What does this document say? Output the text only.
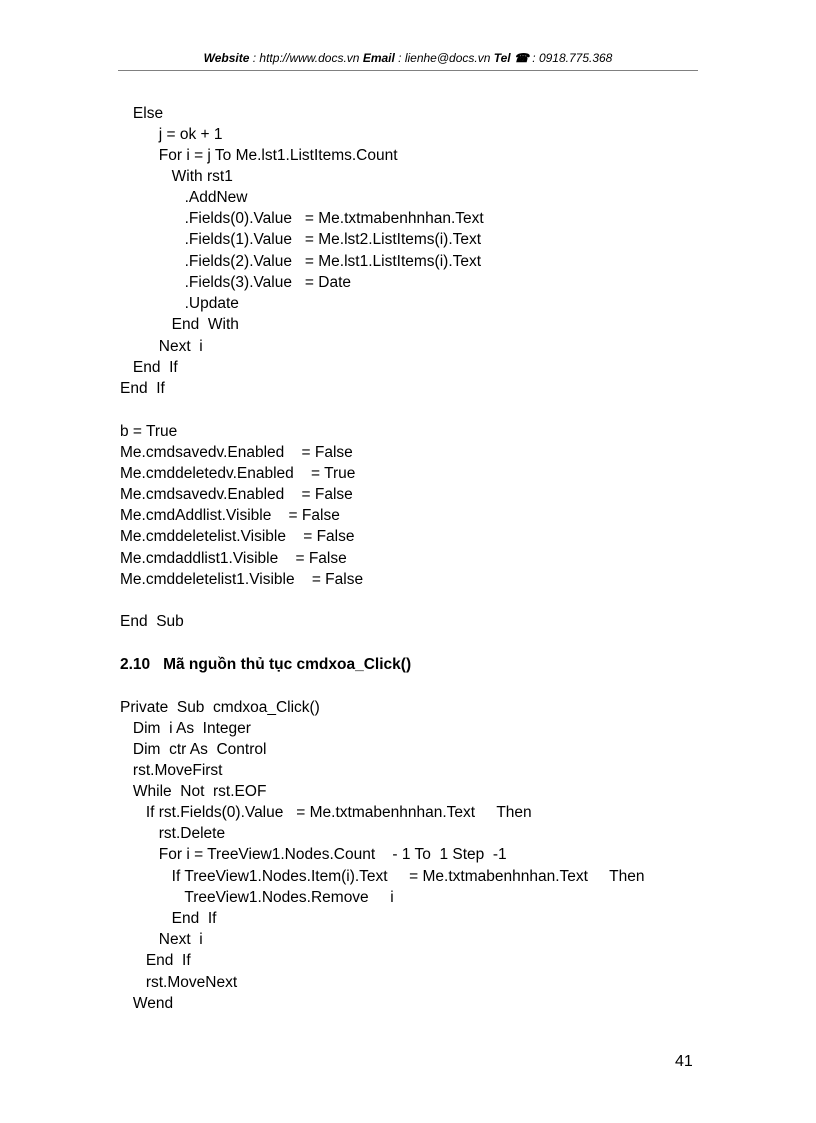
Website : http://www.docs.vn Email : lienhe@docs.vn Tel ☎ : 0918.775.368
Else
j = ok + 1
For i = j To Me.lst1.ListItems.Count
With rst1
.AddNew
.Fields(0).Value   = Me.txtmabenhnhan.Text
.Fields(1).Value   = Me.lst2.ListItems(i).Text
.Fields(2).Value   = Me.lst1.ListItems(i).Text
.Fields(3).Value   = Date
.Update
End  With
Next  i
End  If
End  If
b = True
Me.cmdsavedv.Enabled    = False
Me.cmddeletedv.Enabled    = True
Me.cmdsavedv.Enabled    = False
Me.cmdAddlist.Visible    = False
Me.cmddeletelist.Visible    = False
Me.cmdaddlist1.Visible    = False
Me.cmddeletelist1.Visible    = False
End  Sub
2.10   Mã nguồn thủ tục cmdxoa_Click()
Private  Sub  cmdxoa_Click()
Dim  i As  Integer
Dim  ctr As  Control
rst.MoveFirst
While  Not  rst.EOF
If rst.Fields(0).Value   = Me.txtmabenhnhan.Text     Then
rst.Delete
For i = TreeView1.Nodes.Count    - 1 To  1 Step  -1
If TreeView1.Nodes.Item(i).Text     = Me.txtmabenhnhan.Text     Then
TreeView1.Nodes.Remove     i
End  If
Next  i
End  If
rst.MoveNext
Wend
41
